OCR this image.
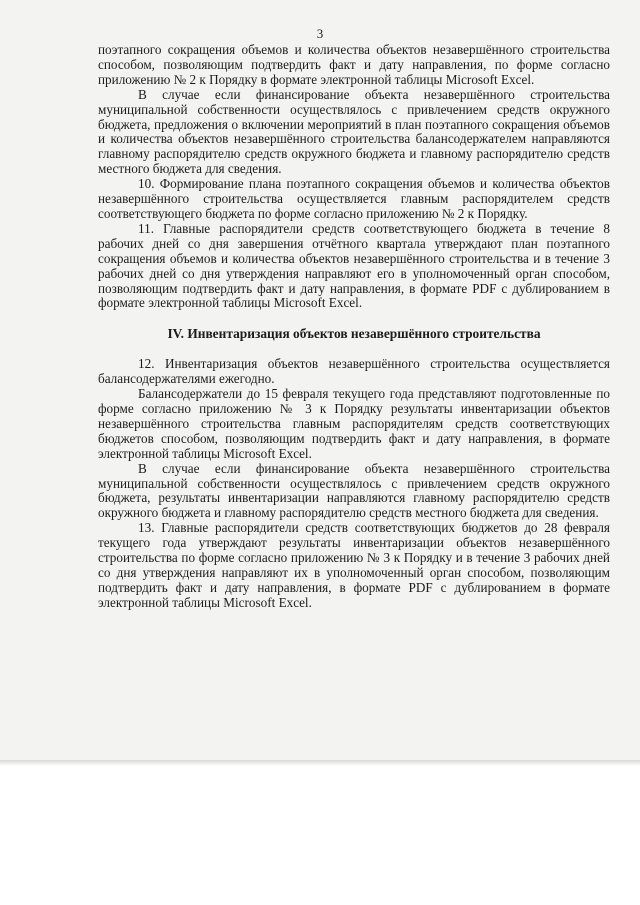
3

поэтапного сокращения объемов и количества объектов незавершённого строительства способом, позволяющим подтвердить факт и дату направления, по форме согласно приложению № 2 к Порядку в формате электронной таблицы Microsoft Excel.

В случае если финансирование объекта незавершённого строительства муниципальной собственности осуществлялось с привлечением средств окружного бюджета, предложения о включении мероприятий в план поэтапного сокращения объемов и количества объектов незавершённого строительства балансодержателем направляются главному распорядителю средств окружного бюджета и главному распорядителю средств местного бюджета для сведения.

10. Формирование плана поэтапного сокращения объемов и количества объектов незавершённого строительства осуществляется главным распорядителем средств соответствующего бюджета по форме согласно приложению № 2 к Порядку.

11. Главные распорядители средств соответствующего бюджета в течение 8 рабочих дней со дня завершения отчётного квартала утверждают план поэтапного сокращения объемов и количества объектов незавершённого строительства и в течение 3 рабочих дней со дня утверждения направляют его в уполномоченный орган способом, позволяющим подтвердить факт и дату направления, в формате PDF с дублированием в формате электронной таблицы Microsoft Excel.

IV. Инвентаризация объектов незавершённого строительства

12. Инвентаризация объектов незавершённого строительства осуществляется балансодержателями ежегодно.

Балансодержатели до 15 февраля текущего года представляют подготовленные по форме согласно приложению № 3 к Порядку результаты инвентаризации объектов незавершённого строительства главным распорядителям средств соответствующих бюджетов способом, позволяющим подтвердить факт и дату направления, в формате электронной таблицы Microsoft Excel.

В случае если финансирование объекта незавершённого строительства муниципальной собственности осуществлялось с привлечением средств окружного бюджета, результаты инвентаризации направляются главному распорядителю средств окружного бюджета и главному распорядителю средств местного бюджета для сведения.

13. Главные распорядители средств соответствующих бюджетов до 28 февраля текущего года утверждают результаты инвентаризации объектов незавершённого строительства по форме согласно приложению № 3 к Порядку и в течение 3 рабочих дней со дня утверждения направляют их в уполномоченный орган способом, позволяющим подтвердить факт и дату направления, в формате PDF с дублированием в формате электронной таблицы Microsoft Excel.
